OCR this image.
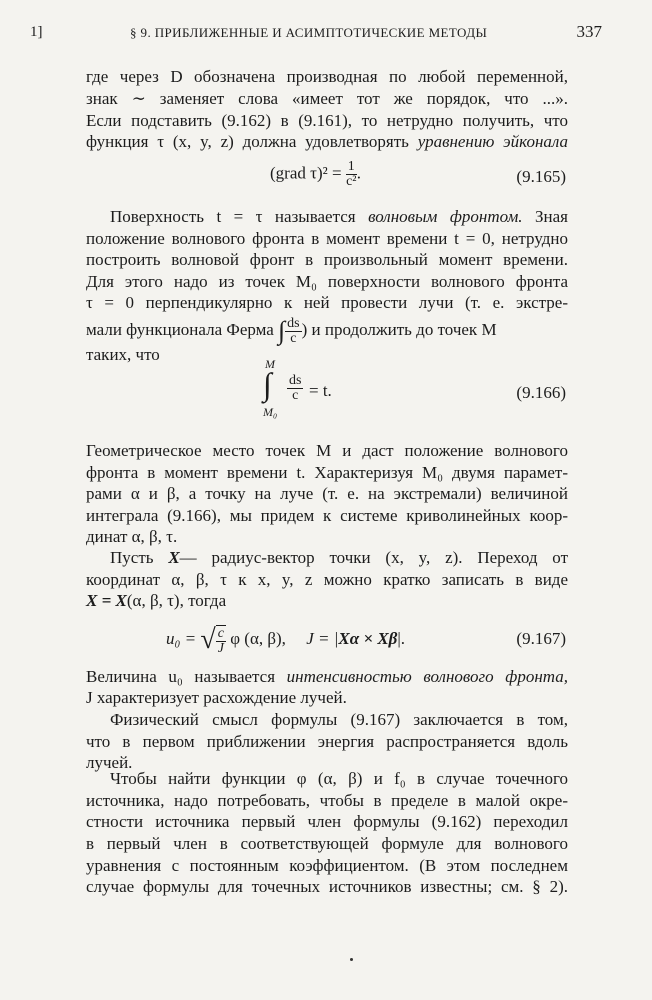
1]	§ 9. ПРИБЛИЖЕННЫЕ И АСИМПТОТИЧЕСКИЕ МЕТОДЫ	337
где через D обозначена производная по любой переменной,
знак ∼ заменяет слова «имеет тот же порядок, что ...».
Если подставить (9.162) в (9.161), то нетрудно получить, что
функция τ (x, y, z) должна удовлетворять уравнению эйконала
(grad $\tau)^2 = \frac{1}{\text{c²}}$ .	(9.165)
Поверхность t = τ называется волновым фронтом. Зная
положение волнового фронта в момент времени t = 0, нетрудно
построить волновой фронт в произвольный момент времени.
Для этого надо из точек M₀ поверхности волнового фронта
τ = 0 перпендикулярно к ней провести лучи (т. е. экстре-
мали функционала Ферма ∫ $\frac{ds}{c}$ ) и продолжить до точек M
таких, что	M
∫
M₀
$\frac{ds}{c} = t$.	(9.166)
Геометрическое место точек M и даст положение волнового
фронта в момент времени t. Характеризуя M₀ двумя парамет-
рами α и β, а точку на луче (т. е. на экстремали) величиной
интеграла (9.166), мы придем к системе криволинейных коор-
динат α, β, τ.
Пусть X— радиус-вектор точки (x, y, z). Переход от
координат α, β, τ к x, y, z можно кратко записать в виде
X = X(α, β, τ), тогда
u₀ = √ $\frac{c}{J}$ φ (α, β), J = |Xα × Xβ|.	(9.167)
Величина u₀ называется интенсивностью волнового фронта,
J характеризует расхождение лучей.
Физический смысл формулы (9.167) заключается в том,
что в первом приближении энергия распространяется вдоль
лучей.
Чтобы найти функции φ (α, β) и f₀ в случае точечного
источника, надо потребовать, чтобы в пределе в малой окре-
стности источника первый член формулы (9.162) переходил
в первый член в соответствующей формуле для волнового
уравнения с постоянным коэффициентом. (В этом последнем
случае формулы для точечных источников известны; см. § 2).
